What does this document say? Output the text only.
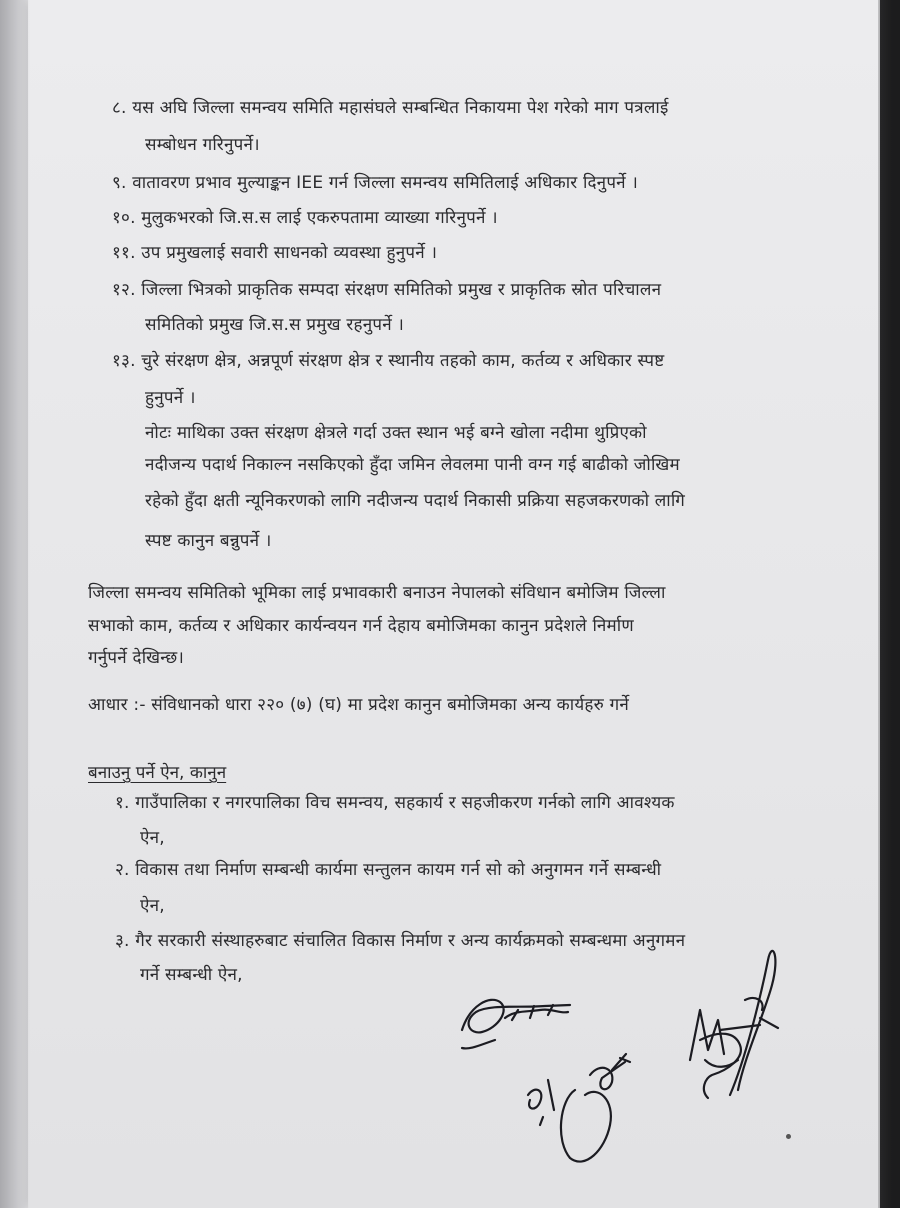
८. यस अघि जिल्ला समन्वय समिति महासंघले सम्बन्धित निकायमा पेश गरेको माग पत्रलाई
सम्बोधन गरिनुपर्ने।
९. वातावरण प्रभाव मुल्याङ्कन IEE गर्न जिल्ला समन्वय समितिलाई अधिकार दिनुपर्ने ।
१०. मुलुकभरको जि.स.स लाई एकरुपतामा व्याख्या गरिनुपर्ने ।
११. उप प्रमुखलाई सवारी साधनको व्यवस्था हुनुपर्ने ।
१२. जिल्ला भित्रको प्राकृतिक सम्पदा संरक्षण समितिको प्रमुख र प्राकृतिक स्रोत परिचालन
समितिको प्रमुख जि.स.स प्रमुख रहनुपर्ने ।
१३. चुरे संरक्षण क्षेत्र, अन्नपूर्ण संरक्षण क्षेत्र र स्थानीय तहको काम, कर्तव्य र अधिकार स्पष्ट
हुनुपर्ने ।
नोटः माथिका उक्त संरक्षण क्षेत्रले गर्दा उक्त स्थान भई बग्ने खोला नदीमा थुप्रिएको
नदीजन्य पदार्थ निकाल्न नसकिएको हुँदा जमिन लेवलमा पानी वग्न गई बाढीको जोखिम
रहेको हुँदा क्षती न्यूनिकरणको लागि नदीजन्य पदार्थ निकासी प्रक्रिया सहजकरणको लागि
स्पष्ट कानुन बन्नुपर्ने ।
जिल्ला समन्वय समितिको भूमिका लाई प्रभावकारी बनाउन नेपालको संविधान बमोजिम जिल्ला
सभाको काम, कर्तव्य र अधिकार कार्यन्वयन गर्न देहाय बमोजिमका कानुन प्रदेशले निर्माण
गर्नुपर्ने देखिन्छ।
आधार :- संविधानको धारा २२० (७) (घ) मा प्रदेश कानुन बमोजिमका अन्य कार्यहरु गर्ने
बनाउनु पर्ने ऐन, कानुन
१. गाउँपालिका र नगरपालिका विच समन्वय, सहकार्य र सहजीकरण गर्नको लागि आवश्यक
ऐन,
२. विकास तथा निर्माण सम्बन्धी कार्यमा सन्तुलन कायम गर्न सो को अनुगमन गर्ने सम्बन्धी
ऐन,
३. गैर सरकारी संस्थाहरुबाट संचालित विकास निर्माण र अन्य कार्यक्रमको सम्बन्धमा अनुगमन
गर्ने सम्बन्धी ऐन,
